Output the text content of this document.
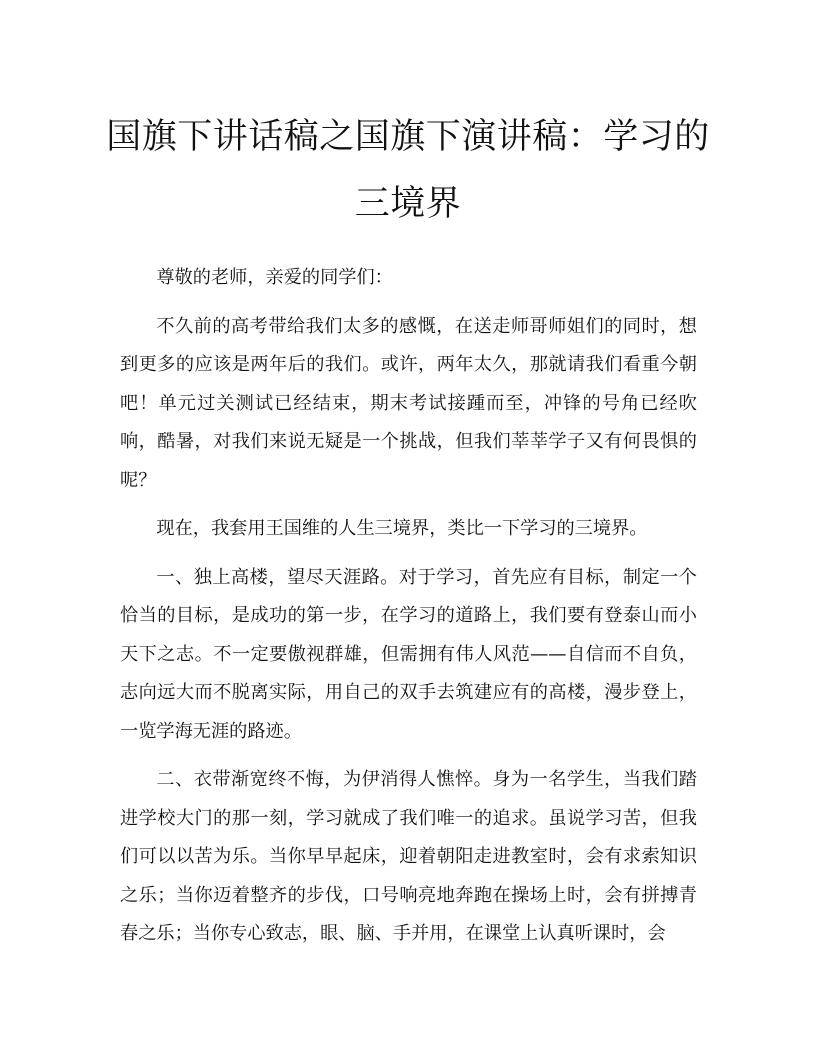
国旗下讲话稿之国旗下演讲稿：学习的三境界

尊敬的老师，亲爱的同学们：

不久前的高考带给我们太多的感慨，在送走师哥师姐们的同时，想到更多的应该是两年后的我们。或许，两年太久，那就请我们看重今朝吧！单元过关测试已经结束，期末考试接踵而至，冲锋的号角已经吹响，酷暑，对我们来说无疑是一个挑战，但我们莘莘学子又有何畏惧的呢？

现在，我套用王国维的人生三境界，类比一下学习的三境界。

一、独上高楼，望尽天涯路。对于学习，首先应有目标，制定一个恰当的目标，是成功的第一步，在学习的道路上，我们要有登泰山而小天下之志。不一定要傲视群雄，但需拥有伟人风范——自信而不自负，志向远大而不脱离实际，用自己的双手去筑建应有的高楼，漫步登上，一览学海无涯的路迹。

二、衣带渐宽终不悔，为伊消得人憔悴。身为一名学生，当我们踏进学校大门的那一刻，学习就成了我们唯一的追求。虽说学习苦，但我们可以以苦为乐。当你早早起床，迎着朝阳走进教室时，会有求索知识之乐；当你迈着整齐的步伐，口号响亮地奔跑在操场上时，会有拼搏青春之乐；当你专心致志，眼、脑、手并用，在课堂上认真听课时，会
